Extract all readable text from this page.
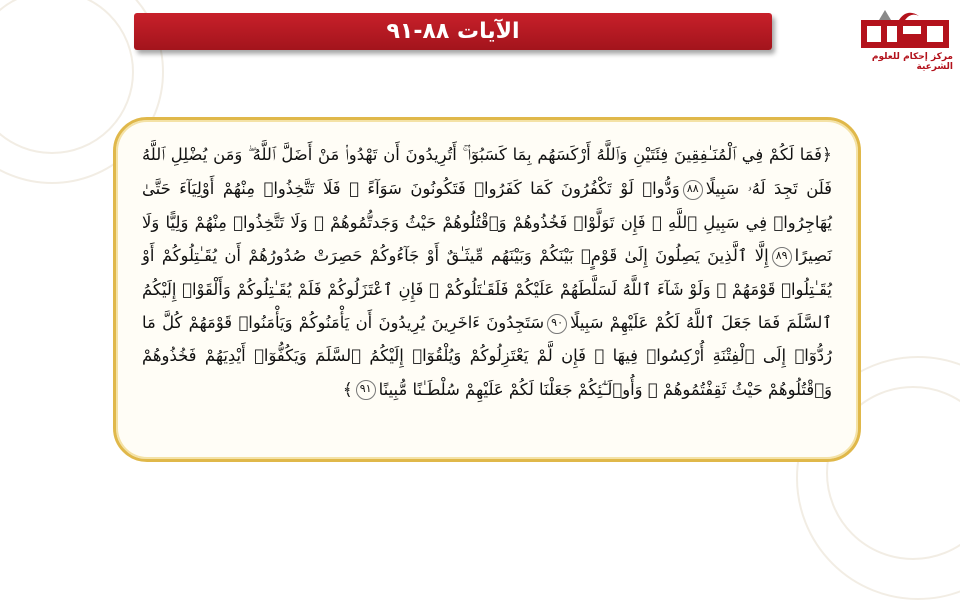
الآيات ٨٨-٩١
مركز إحكام للعلوم الشرعية
﴿فَمَا لَكُمْ فِي ٱلْمُنَـٰفِقِينَ فِئَتَيْنِ وَٱللَّهُ أَرْكَسَهُم بِمَا كَسَبُوٓا۟ ۚ أَتُرِيدُونَ أَن تَهْدُوا۟ مَنْ أَضَلَّ ٱللَّهُ ۖ وَمَن يُضْلِلِ ٱللَّهُ فَلَن تَجِدَ لَهُۥ سَبِيلًا٨٨وَدُّوا۟ لَوْ تَكْفُرُونَ كَمَا كَفَرُوا۟ فَتَكُونُونَ سَوَآءً ۖ فَلَا تَتَّخِذُوا۟ مِنْهُمْ أَوْلِيَآءَ حَتَّىٰ يُهَاجِرُوا۟ فِي سَبِيلِ ٱللَّهِ ۚ فَإِن تَوَلَّوْا۟ فَخُذُوهُمْ وَٱقْتُلُوهُمْ حَيْثُ وَجَدتُّمُوهُمْ ۖ وَلَا تَتَّخِذُوا۟ مِنْهُمْ وَلِيًّا وَلَا نَصِيرًا٨٩إِلَّا ٱلَّذِينَ يَصِلُونَ إِلَىٰ قَوْمٍۭ بَيْنَكُمْ وَبَيْنَهُم مِّيثَـٰقٌ أَوْ جَآءُوكُمْ حَصِرَتْ صُدُورُهُمْ أَن يُقَـٰتِلُوكُمْ أَوْ يُقَـٰتِلُوا۟ قَوْمَهُمْ ۚ وَلَوْ شَآءَ ٱللَّهُ لَسَلَّطَهُمْ عَلَيْكُمْ فَلَقَـٰتَلُوكُمْ ۚ فَإِنِ ٱعْتَزَلُوكُمْ فَلَمْ يُقَـٰتِلُوكُمْ وَأَلْقَوْا۟ إِلَيْكُمُ ٱلسَّلَمَ فَمَا جَعَلَ ٱللَّهُ لَكُمْ عَلَيْهِمْ سَبِيلًا٩٠سَتَجِدُونَ ءَاخَرِينَ يُرِيدُونَ أَن يَأْمَنُوكُمْ وَيَأْمَنُوا۟ قَوْمَهُمْ كُلَّ مَا رُدُّوٓا۟ إِلَى ٱلْفِتْنَةِ أُرْكِسُوا۟ فِيهَا ۚ فَإِن لَّمْ يَعْتَزِلُوكُمْ وَيُلْقُوٓا۟ إِلَيْكُمُ ٱلسَّلَمَ وَيَكُفُّوٓا۟ أَيْدِيَهُمْ فَخُذُوهُمْ وَٱقْتُلُوهُمْ حَيْثُ ثَقِفْتُمُوهُمْ ۚ وَأُو۟لَـٰٓئِكُمْ جَعَلْنَا لَكُمْ عَلَيْهِمْ سُلْطَـٰنًا مُّبِينًا٩١﴾
